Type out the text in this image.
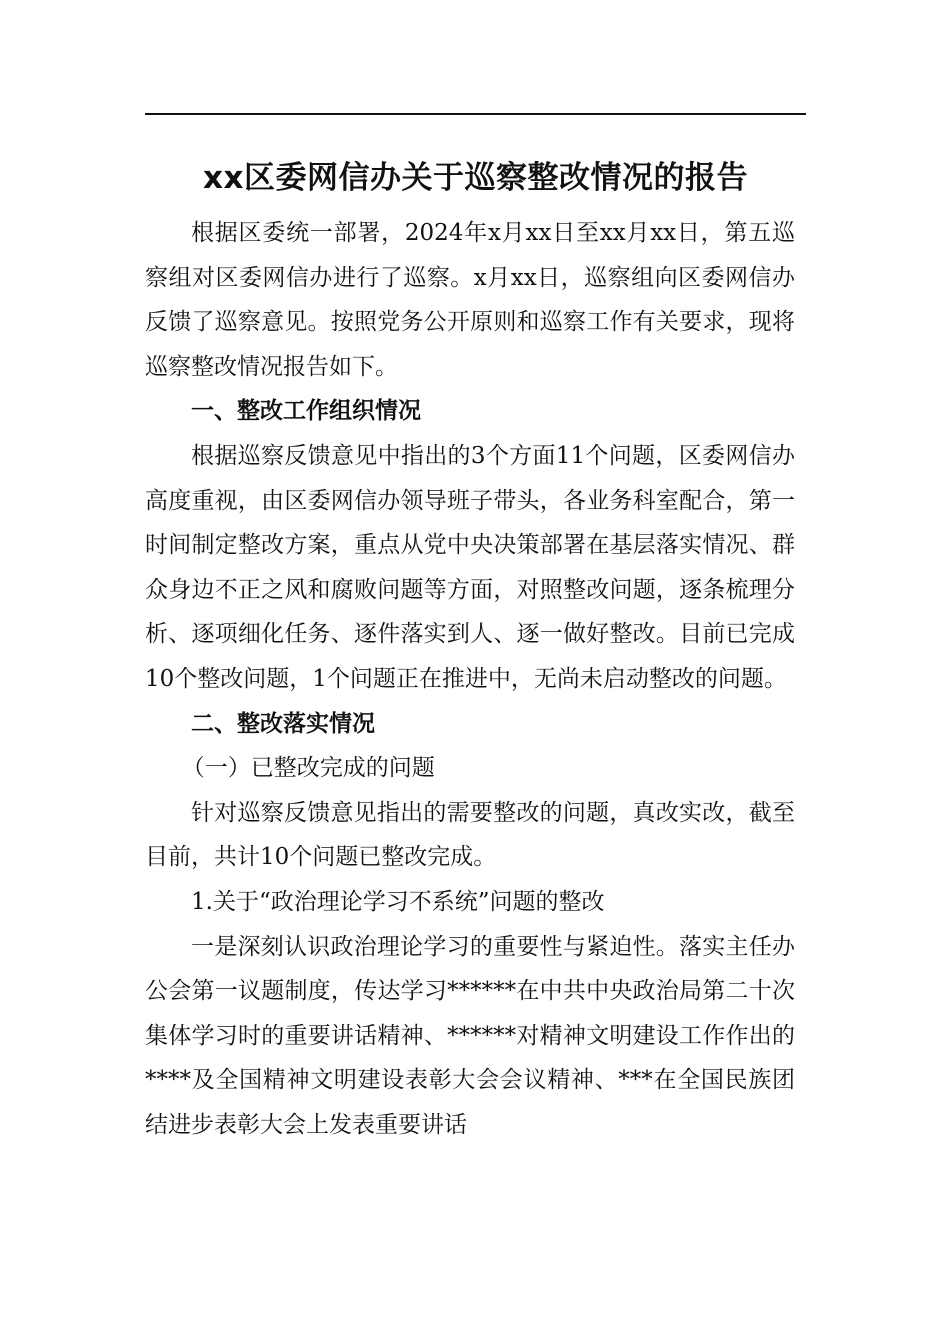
xx区委网信办关于巡察整改情况的报告

根据区委统一部署，2024年x月xx日至xx月xx日，第五巡察组对区委网信办进行了巡察。x月xx日，巡察组向区委网信办反馈了巡察意见。按照党务公开原则和巡察工作有关要求，现将巡察整改情况报告如下。

一、整改工作组织情况

根据巡察反馈意见中指出的3个方面11个问题，区委网信办高度重视，由区委网信办领导班子带头，各业务科室配合，第一时间制定整改方案，重点从党中央决策部署在基层落实情况、群众身边不正之风和腐败问题等方面，对照整改问题，逐条梳理分析、逐项细化任务、逐件落实到人、逐一做好整改。目前已完成10个整改问题，1个问题正在推进中，无尚未启动整改的问题。

二、整改落实情况

（一）已整改完成的问题

针对巡察反馈意见指出的需要整改的问题，真改实改，截至目前，共计10个问题已整改完成。

1.关于“政治理论学习不系统”问题的整改

一是深刻认识政治理论学习的重要性与紧迫性。落实主任办公会第一议题制度，传达学习******在中共中央政治局第二十次集体学习时的重要讲话精神、******对精神文明建设工作作出的****及全国精神文明建设表彰大会会议精神、***在全国民族团结进步表彰大会上发表重要讲话
